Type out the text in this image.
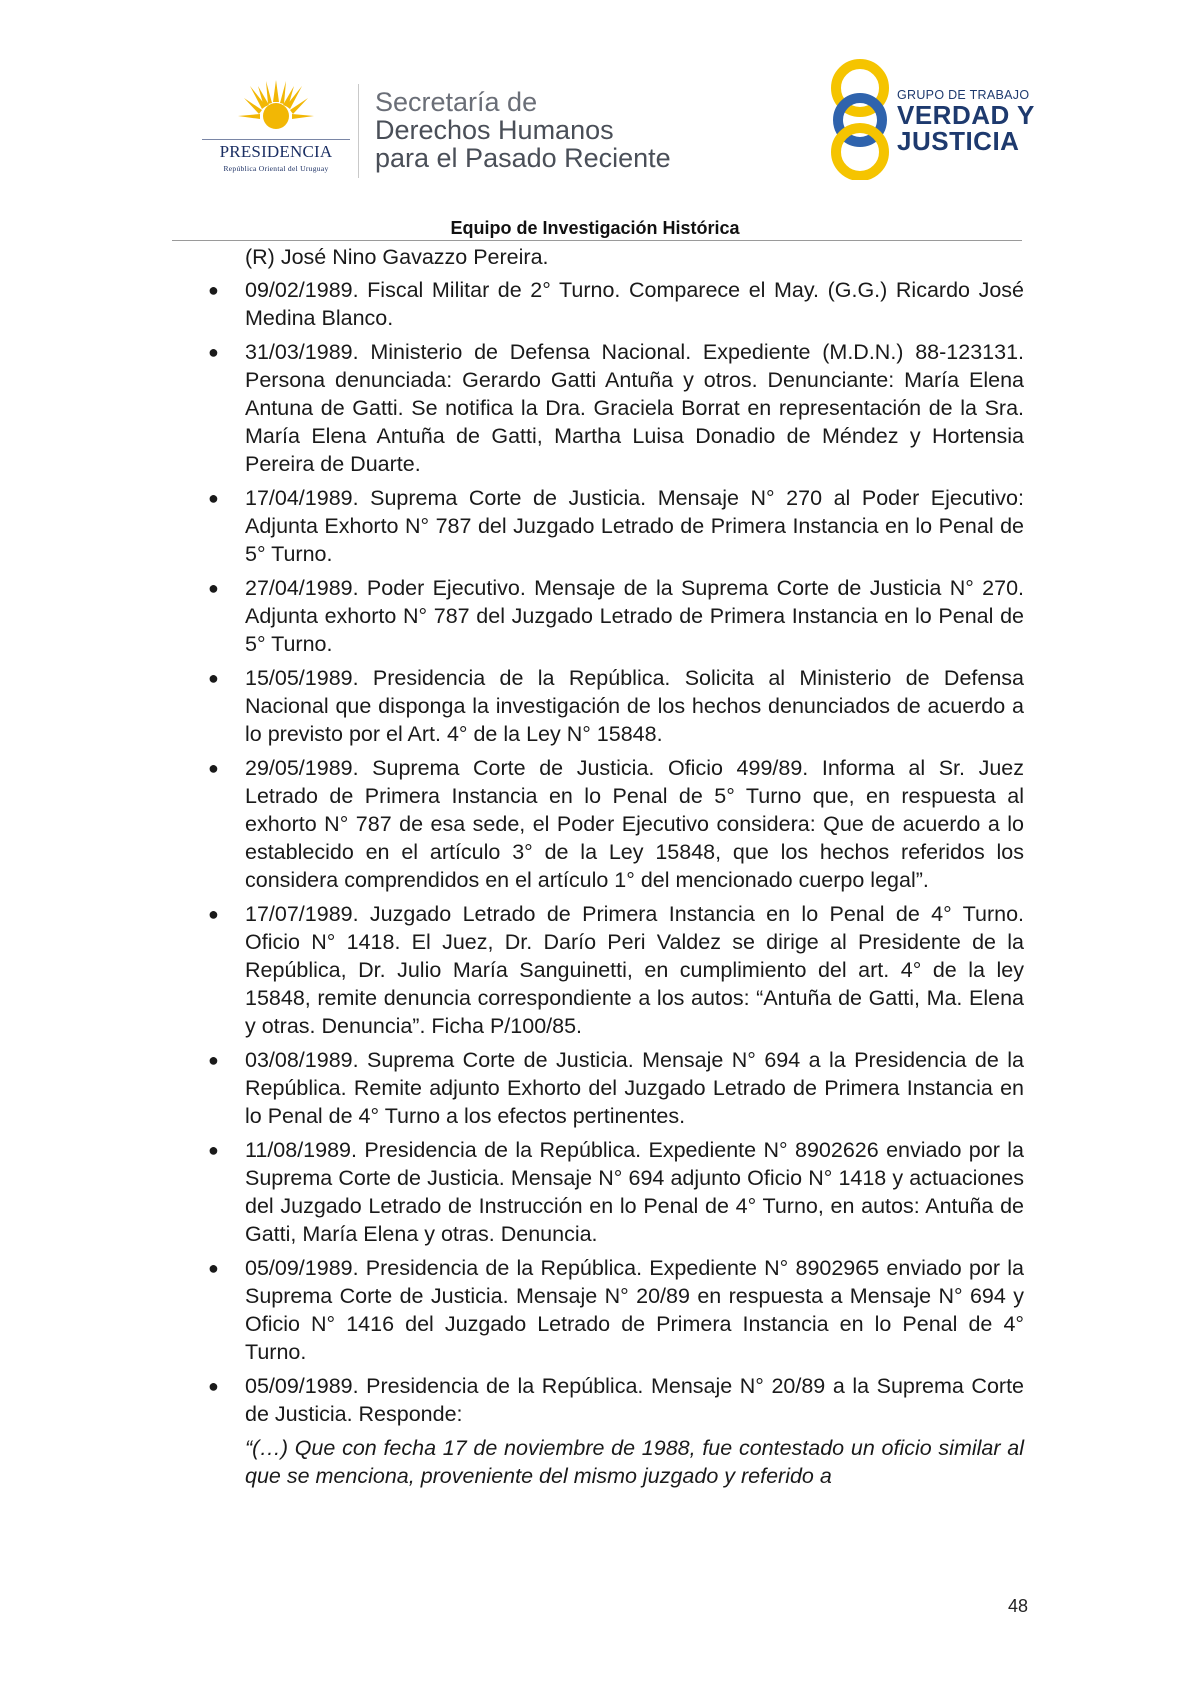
PRESIDENCIA
República Oriental del Uruguay
Secretaría de
Derechos Humanos
para el Pasado Reciente
GRUPO DE TRABAJO
VERDAD Y
JUSTICIA
Equipo de Investigación Histórica
(R) José Nino Gavazzo Pereira.
● 09/02/1989. Fiscal Militar de 2° Turno. Comparece el May. (G.G.) Ricardo José Medina Blanco.
● 31/03/1989. Ministerio de Defensa Nacional. Expediente (M.D.N.) 88-123131. Persona denunciada: Gerardo Gatti Antuña y otros. Denunciante: María Elena Antuna de Gatti. Se notifica la Dra. Graciela Borrat en representación de la Sra. María Elena Antuña de Gatti, Martha Luisa Donadio de Méndez y Hortensia Pereira de Duarte.
● 17/04/1989. Suprema Corte de Justicia. Mensaje N° 270 al Poder Ejecutivo: Adjunta Exhorto N° 787 del Juzgado Letrado de Primera Instancia en lo Penal de 5° Turno.
● 27/04/1989. Poder Ejecutivo. Mensaje de la Suprema Corte de Justicia N° 270. Adjunta exhorto N° 787 del Juzgado Letrado de Primera Instancia en lo Penal de 5° Turno.
● 15/05/1989. Presidencia de la República. Solicita al Ministerio de Defensa Nacional que disponga la investigación de los hechos denunciados de acuerdo a lo previsto por el Art. 4° de la Ley N° 15848.
● 29/05/1989. Suprema Corte de Justicia. Oficio 499/89. Informa al Sr. Juez Letrado de Primera Instancia en lo Penal de 5° Turno que, en respuesta al exhorto N° 787 de esa sede, el Poder Ejecutivo considera: Que de acuerdo a lo establecido en el artículo 3° de la Ley 15848, que los hechos referidos los considera comprendidos en el artículo 1° del mencionado cuerpo legal”.
● 17/07/1989. Juzgado Letrado de Primera Instancia en lo Penal de 4° Turno. Oficio N° 1418. El Juez, Dr. Darío Peri Valdez se dirige al Presidente de la República, Dr. Julio María Sanguinetti, en cumplimiento del art. 4° de la ley 15848, remite denuncia correspondiente a los autos: “Antuña de Gatti, Ma. Elena y otras. Denuncia”. Ficha P/100/85.
● 03/08/1989. Suprema Corte de Justicia. Mensaje N° 694 a la Presidencia de la República. Remite adjunto Exhorto del Juzgado Letrado de Primera Instancia en lo Penal de 4° Turno a los efectos pertinentes.
● 11/08/1989. Presidencia de la República. Expediente N° 8902626 enviado por la Suprema Corte de Justicia. Mensaje N° 694 adjunto Oficio N° 1418 y actuaciones del Juzgado Letrado de Instrucción en lo Penal de 4° Turno, en autos: Antuña de Gatti, María Elena y otras. Denuncia.
● 05/09/1989. Presidencia de la República. Expediente N° 8902965 enviado por la Suprema Corte de Justicia. Mensaje N° 20/89 en respuesta a Mensaje N° 694 y Oficio N° 1416 del Juzgado Letrado de Primera Instancia en lo Penal de 4° Turno.
● 05/09/1989. Presidencia de la República. Mensaje N° 20/89 a la Suprema Corte de Justicia. Responde:
“(…) Que con fecha 17 de noviembre de 1988, fue contestado un oficio similar al que se menciona, proveniente del mismo juzgado y referido a
48
